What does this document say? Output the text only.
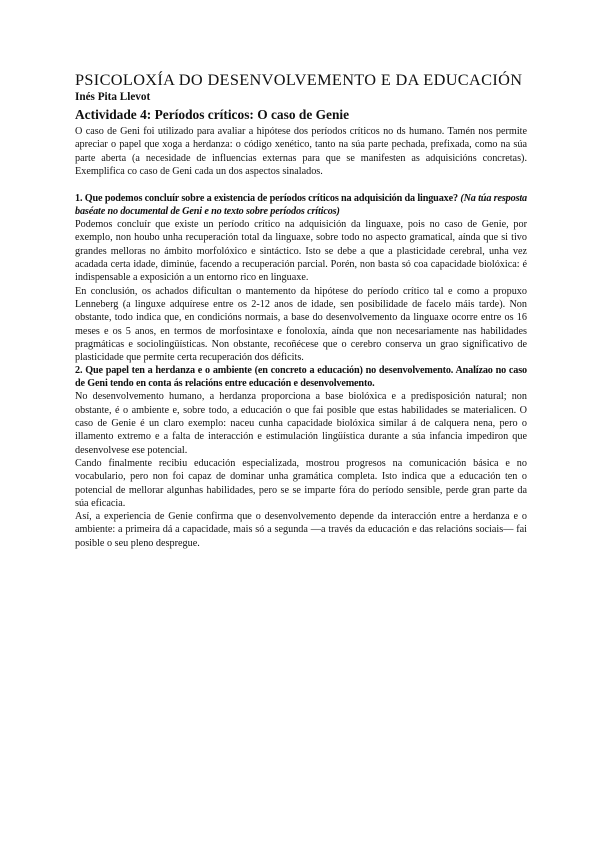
PSICOLOXÍA DO DESENVOLVEMENTO E DA EDUCACIÓN

Inés Pita Llevot

Actividade 4: Períodos críticos: O caso de Genie

O caso de Geni foi utilizado para avaliar a hipótese dos períodos críticos no ds humano. Tamén nos permite apreciar o papel que xoga a herdanza: o código xenético, tanto na súa parte pechada, prefixada, como na súa parte aberta (a necesidade de influencias externas para que se manifesten as adquisicións concretas). Exemplifica co caso de Geni cada un dos aspectos sinalados.

1. Que podemos concluír sobre a existencia de períodos críticos na adquisición da linguaxe? (Na túa resposta baséate no documental de Geni e no texto sobre períodos críticos)

Podemos concluír que existe un período crítico na adquisición da linguaxe, pois no caso de Genie, por exemplo, non houbo unha recuperación total da linguaxe, sobre todo no aspecto gramatical, aínda que si tivo grandes melloras no ámbito morfolóxico e sintáctico. Isto se debe a que a plasticidade cerebral, unha vez acadada certa idade, diminúe, facendo a recuperación parcial. Porén, non basta só coa capacidade biolóxica: é indispensable a exposición a un entorno rico en linguaxe.

En conclusión, os achados dificultan o mantemento da hipótese do período crítico tal e como a propuxo Lenneberg (a linguxe adquírese entre os 2-12 anos de idade, sen posibilidade de facelo máis tarde). Non obstante, todo indica que, en condicións normais, a base do desenvolvemento da linguaxe ocorre entre os 16 meses e os 5 anos, en termos de morfosintaxe e fonoloxía, aínda que non necesariamente nas habilidades pragmáticas e sociolingüísticas. Non obstante, recoñécese que o cerebro conserva un grao significativo de plasticidade que permite certa recuperación dos déficits.

2. Que papel ten a herdanza e o ambiente (en concreto a educación) no desenvolvemento. Analízao no caso de Geni tendo en conta ás relacións entre educación e desenvolvemento.

No desenvolvemento humano, a herdanza proporciona a base biolóxica e a predisposición natural; non obstante, é o ambiente e, sobre todo, a educación o que fai posible que estas habilidades se materialicen. O caso de Genie é un claro exemplo: naceu cunha capacidade biolóxica similar á de calquera nena, pero o illamento extremo e a falta de interacción e estimulación lingüística durante a súa infancia impediron que desenvolvese ese potencial.

Cando finalmente recibiu educación especializada, mostrou progresos na comunicación básica e no vocabulario, pero non foi capaz de dominar unha gramática completa. Isto indica que a educación ten o potencial de mellorar algunhas habilidades, pero se se imparte fóra do período sensible, perde gran parte da súa eficacia.

Así, a experiencia de Genie confirma que o desenvolvemento depende da interacción entre a herdanza e o ambiente: a primeira dá a capacidade, mais só a segunda —a través da educación e das relacións sociais— fai posible o seu pleno despregue.
